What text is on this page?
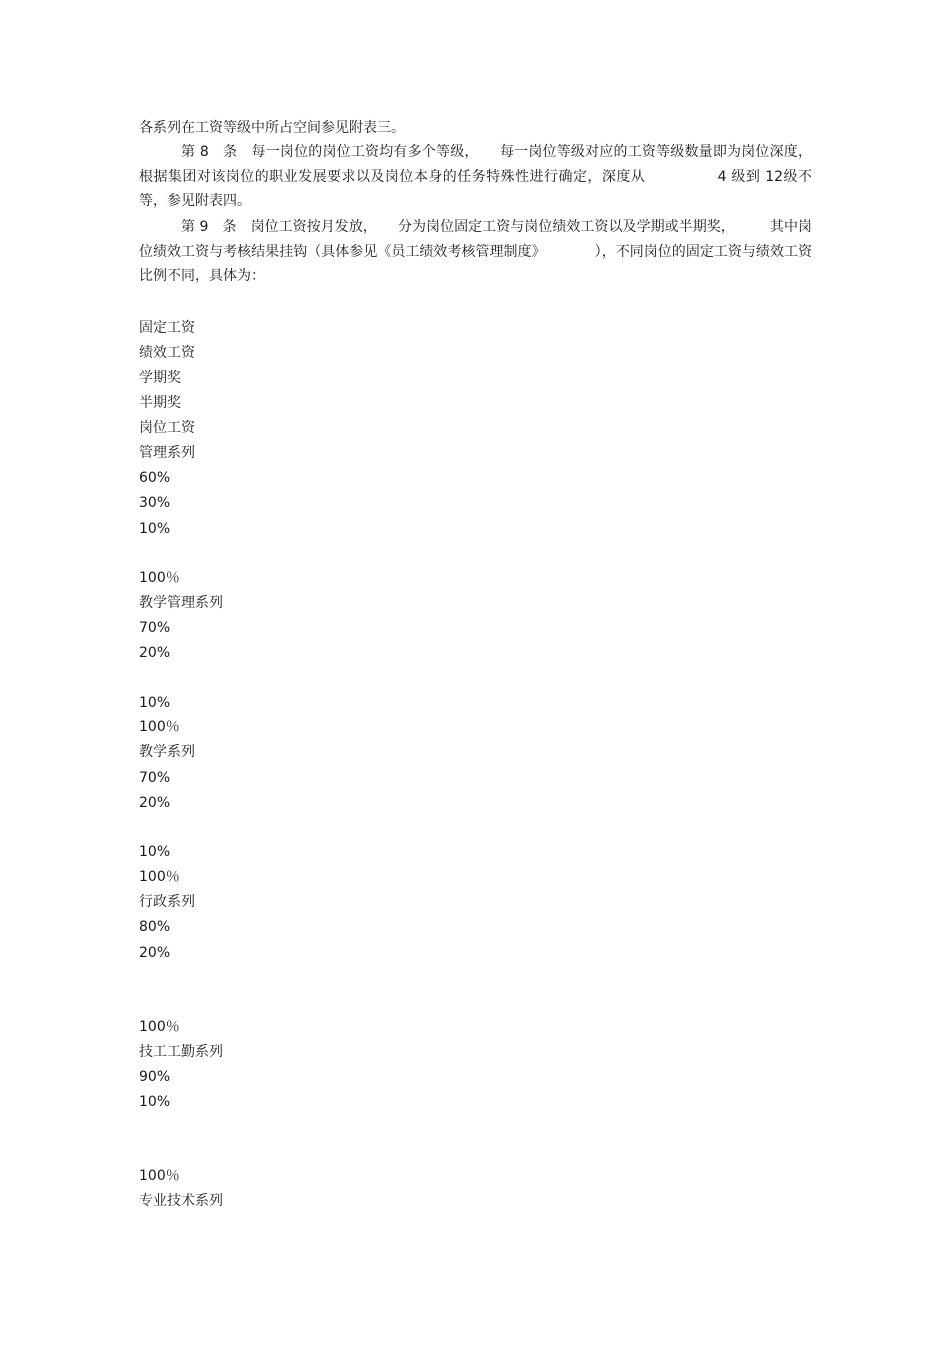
各系列在工资等级中所占空间参见附表三。

第 8　条　每一岗位的岗位工资均有多个等级，　　每一岗位等级对应的工资等级数量即为岗位深度，根据集团对该岗位的职业发展要求以及岗位本身的任务特殊性进行确定，深度从　　　　　4 级到 12级不等，参见附表四。

第 9　条　岗位工资按月发放，　　分为岗位固定工资与岗位绩效工资以及学期或半期奖，　　　其中岗位绩效工资与考核结果挂钩（具体参见《员工绩效考核管理制度》　　　　），不同岗位的固定工资与绩效工资比例不同，具体为：

固定工资
绩效工资
学期奖
半期奖
岗位工资
管理系列
60%
30%
10%
100％
教学管理系列
70%
20%
10%
100％
教学系列
70%
20%
10%
100％
行政系列
80%
20%
100％
技工工勤系列
90%
10%
100％
专业技术系列
